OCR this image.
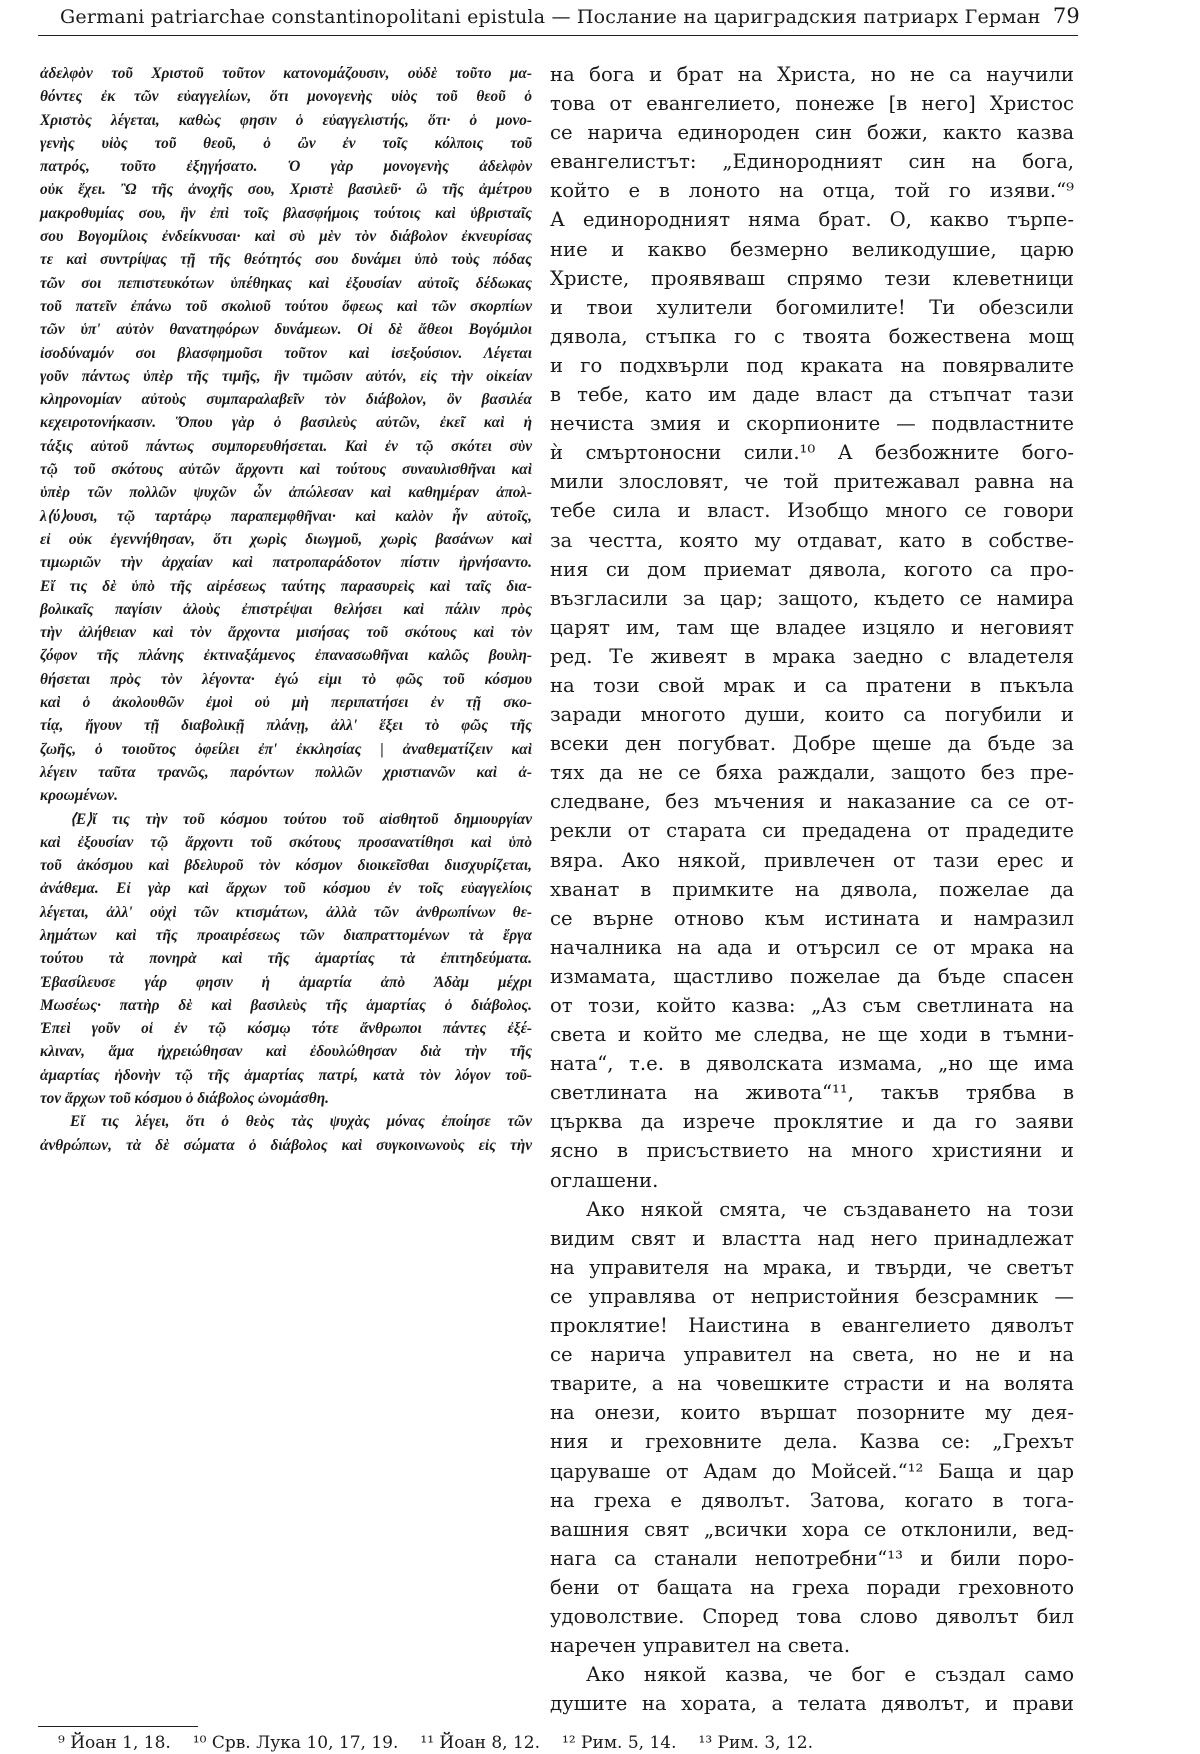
Germani patriarchae constantinopolitani epistula — Послание на цариградския патриарх Герман 79
ἀδελφὸν τοῦ Χριστοῦ τοῦτον κατονομάζουσιν, οὐδὲ τοῦτο μα-
θόντες ἐκ τῶν εὐαγγελίων, ὅτι μονογενὴς υἱὸς τοῦ θεοῦ ὁ
Χριστὸς λέγεται, καθὼς φησιν ὁ εὐαγγελιστής, ὅτι· ὁ μονο-
γενὴς υἱὸς τοῦ θεοῦ, ὁ ὢν ἐν τοῖς κόλποις τοῦ
πατρός, τοῦτο ἐξηγήσατο. Ὁ γὰρ μονογενὴς ἀδελφὸν
οὐκ ἔχει. Ὢ τῆς ἀνοχῆς σου, Χριστὲ βασιλεῦ· ὢ τῆς ἀμέτρου
μακροθυμίας σου, ἣν ἐπὶ τοῖς βλασφήμοις τούτοις καὶ ὑβρισταῖς
σου Βογομίλοις ἐνδείκνυσαι· καὶ σὺ μὲν τὸν διάβολον ἐκνευρίσας
τε καὶ συντρίψας τῇ τῆς θεότητός σου δυνάμει ὑπὸ τοὺς πόδας
τῶν σοι πεπιστευκότων ὑπέθηκας καὶ ἐξουσίαν αὐτοῖς δέδωκας
τοῦ πατεῖν ἐπάνω τοῦ σκολιοῦ τούτου ὄφεως καὶ τῶν σκορπίων
τῶν ὑπ' αὐτὸν θανατηφόρων δυνάμεων. Οἱ δὲ ἄθεοι Βογόμιλοι
ἰσοδύναμόν σοι βλασφημοῦσι τοῦτον καὶ ἰσεξούσιον. Λέγεται
γοῦν πάντως ὑπὲρ τῆς τιμῆς, ἣν τιμῶσιν αὐτόν, εἰς τὴν οἰκείαν
κληρονομίαν αὐτοὺς συμπαραλαβεῖν τὸν διάβολον, ὃν βασιλέα
κεχειροτονήκασιν. Ὅπου γὰρ ὁ βασιλεὺς αὐτῶν, ἐκεῖ καὶ ἡ
τάξις αὐτοῦ πάντως συμπορευθήσεται. Καὶ ἐν τῷ σκότει σὺν
τῷ τοῦ σκότους αὐτῶν ἄρχοντι καὶ τούτους συναυλισθῆναι καὶ
ὑπὲρ τῶν πολλῶν ψυχῶν ὧν ἀπώλεσαν καὶ καθημέραν ἀπολ-
λ⟨ύ⟩ουσι, τῷ ταρτάρῳ παραπεμφθῆναι· καὶ καλὸν ἦν αὐτοῖς,
εἰ οὐκ ἐγεννήθησαν, ὅτι χωρὶς διωγμοῦ, χωρὶς βασάνων καὶ
τιμωριῶν τὴν ἀρχαίαν καὶ πατροπαράδοτον πίστιν ἠρνήσαντο.
Εἴ τις δὲ ὑπὸ τῆς αἱρέσεως ταύτης παρασυρεὶς καὶ ταῖς δια-
βολικαῖς παγίσιν ἁλοὺς ἐπιστρέψαι θελήσει καὶ πάλιν πρὸς
τὴν ἀλήθειαν καὶ τὸν ἄρχοντα μισήσας τοῦ σκότους καὶ τὸν
ζόφον τῆς πλάνης ἐκτιναξάμενος ἐπανασωθῆναι καλῶς βουλη-
θήσεται πρὸς τὸν λέγοντα· ἐγώ εἰμι τὸ φῶς τοῦ κόσμου
καὶ ὁ ἀκολουθῶν ἐμοὶ οὐ μὴ περιπατήσει ἐν τῇ σκο-
τίᾳ, ἤγουν τῇ διαβολικῇ πλάνῃ, ἀλλ' ἕξει τὸ φῶς τῆς
ζωῆς, ὁ τοιοῦτος ὀφείλει ἐπ' ἐκκλησίας | ἀναθεματίζειν καὶ
λέγειν ταῦτα τρανῶς, παρόντων πολλῶν χριστιανῶν καὶ ἀ-
κροωμένων.
⟨Ε⟩ἴ τις τὴν τοῦ κόσμου τούτου τοῦ αἰσθητοῦ δημιουργίαν
καὶ ἐξουσίαν τῷ ἄρχοντι τοῦ σκότους προσανατίθησι καὶ ὑπὸ
τοῦ ἀκόσμου καὶ βδελυροῦ τὸν κόσμον διοικεῖσθαι διισχυρίζεται,
ἀνάθεμα. Εἰ γὰρ καὶ ἄρχων τοῦ κόσμου ἐν τοῖς εὐαγγελίοις
λέγεται, ἀλλ' οὐχὶ τῶν κτισμάτων, ἀλλὰ τῶν ἀνθρωπίνων θε-
λημάτων καὶ τῆς προαιρέσεως τῶν διαπραττομένων τὰ ἔργα
τούτου τὰ πονηρὰ καὶ τῆς ἁμαρτίας τὰ ἐπιτηδεύματα.
Ἐβασίλευσε γάρ φησιν ἡ ἁμαρτία ἀπὸ Ἀδὰμ μέχρι
Μωσέως· πατὴρ δὲ καὶ βασιλεὺς τῆς ἁμαρτίας ὁ διάβολος.
Ἐπεὶ γοῦν οἱ ἐν τῷ κόσμῳ τότε ἄνθρωποι πάντες ἐξέ-
κλιναν, ἅμα ἠχρειώθησαν καὶ ἐδουλώθησαν διὰ τὴν τῆς
ἁμαρτίας ἡδονὴν τῷ τῆς ἁμαρτίας πατρί, κατὰ τὸν λόγον τοῦ-
τον ἄρχων τοῦ κόσμου ὁ διάβολος ὠνομάσθη.
Εἴ τις λέγει, ὅτι ὁ θεὸς τὰς ψυχὰς μόνας ἐποίησε τῶν
ἀνθρώπων, τὰ δὲ σώματα ὁ διάβολος καὶ συγκοινωνοὺς εἰς τὴν
на бога и брат на Христа, но не са научили
това от евангелието, понеже [в него] Христос
се нарича единороден син божи, както казва
евангелистът: „Единородният син на бога,
който е в лоното на отца, той го изяви.“⁹
А единородният няма брат. О, какво търпе-
ние и какво безмерно великодушие, царю
Христе, проявяваш спрямо тези клеветници
и твои хулители богомилите! Ти обезсили
дявола, стъпка го с твоята божествена мощ
и го подхвърли под краката на повярвалите
в тебе, като им даде власт да стъпчат тази
нечиста змия и скорпионите — подвластните
ѝ смъртоносни сили.¹⁰ А безбожните бого-
мили злословят, че той притежавал равна на
тебе сила и власт. Изобщо много се говори
за честта, която му отдават, като в собстве-
ния си дом приемат дявола, когото са про-
възгласили за цар; защото, където се намира
царят им, там ще владее изцяло и неговият
ред. Те живеят в мрака заедно с владетеля
на този свой мрак и са пратени в пъкъла
заради многото души, които са погубили и
всеки ден погубват. Добре щеше да бъде за
тях да не се бяха раждали, защото без пре-
следване, без мъчения и наказание са се от-
рекли от старата си предадена от прадедите
вяра. Ако някой, привлечен от тази ерес и
хванат в примките на дявола, пожелае да
се върне отново към истината и намразил
началника на ада и отърсил се от мрака на
измамата, щастливо пожелае да бъде спасен
от този, който казва: „Аз съм светлината на
света и който ме следва, не ще ходи в тъмни-
ната“, т.е. в дяволската измама, „но ще има
светлината на живота“¹¹, такъв трябва в
църква да изрече проклятие и да го заяви
ясно в присъствието на много християни и
оглашени.
Ако някой смята, че създаването на този
видим свят и властта над него принадлежат
на управителя на мрака, и твърди, че светът
се управлява от непристойния безсрамник —
проклятие! Наистина в евангелието дяволът
се нарича управител на света, но не и на
тварите, а на човешките страсти и на волята
на онези, които вършат позорните му дея-
ния и греховните дела. Казва се: „Грехът
царуваше от Адам до Мойсей.“¹² Баща и цар
на греха е дяволът. Затова, когато в тога-
вашния свят „всички хора се отклонили, вед-
нага са станали непотребни“¹³ и били поро-
бени от бащата на греха поради греховното
удоволствие. Според това слово дяволът бил
наречен управител на света.
Ако някой казва, че бог е създал само
душите на хората, а телата дяволът, и прави
⁹ Йоан 1, 18. ¹⁰ Срв. Лука 10, 17, 19. ¹¹ Йоан 8, 12. ¹² Рим. 5, 14. ¹³ Рим. 3, 12.
